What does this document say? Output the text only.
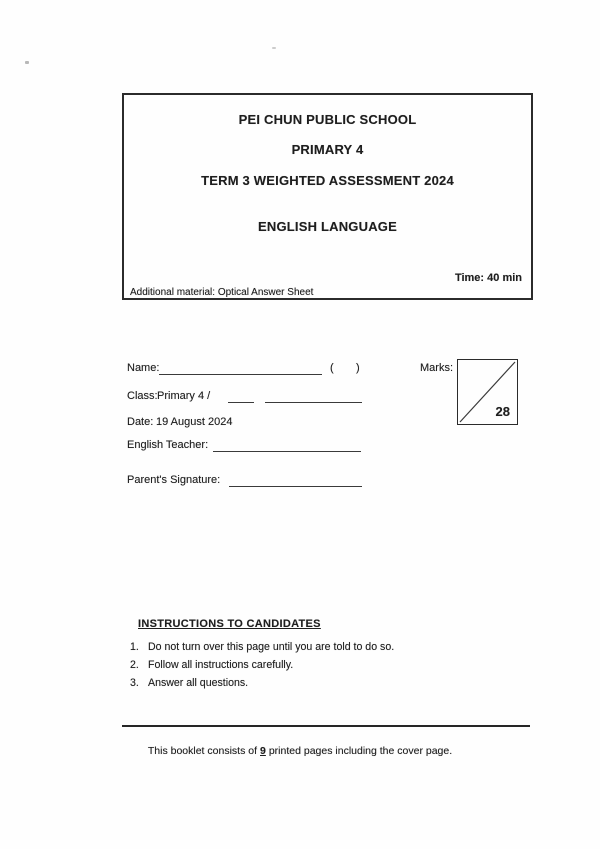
PEI CHUN PUBLIC SCHOOL
PRIMARY 4
TERM 3 WEIGHTED ASSESSMENT 2024
ENGLISH LANGUAGE
Time: 40 min
Additional material: Optical Answer Sheet
Name:	( )	Marks:
28
Class: Primary 4 /
Date: 19 August 2024
English Teacher:
Parent's Signature:
INSTRUCTIONS TO CANDIDATES
1. Do not turn over this page until you are told to do so.
2. Follow all instructions carefully.
3. Answer all questions.
This booklet consists of 9 printed pages including the cover page.
